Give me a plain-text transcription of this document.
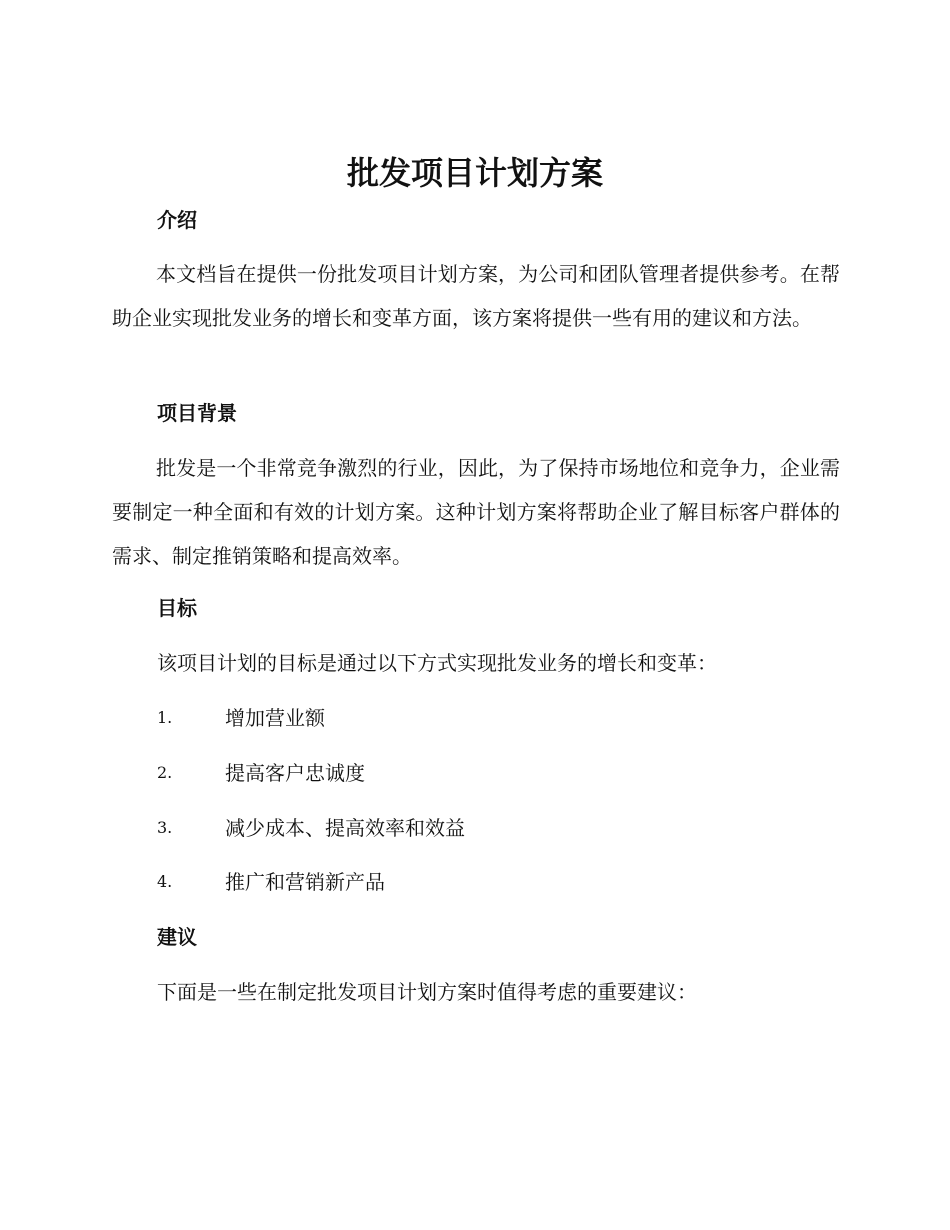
批发项目计划方案
介绍

本文档旨在提供一份批发项目计划方案，为公司和团队管理者提供参考。在帮助企业实现批发业务的增长和变革方面，该方案将提供一些有用的建议和方法。

项目背景

批发是一个非常竞争激烈的行业，因此，为了保持市场地位和竞争力，企业需要制定一种全面和有效的计划方案。这种计划方案将帮助企业了解目标客户群体的需求、制定推销策略和提高效率。

目标

该项目计划的目标是通过以下方式实现批发业务的增长和变革：

1.	增加营业额
2.	提高客户忠诚度
3.	减少成本、提高效率和效益
4.	推广和营销新产品
建议

下面是一些在制定批发项目计划方案时值得考虑的重要建议：
